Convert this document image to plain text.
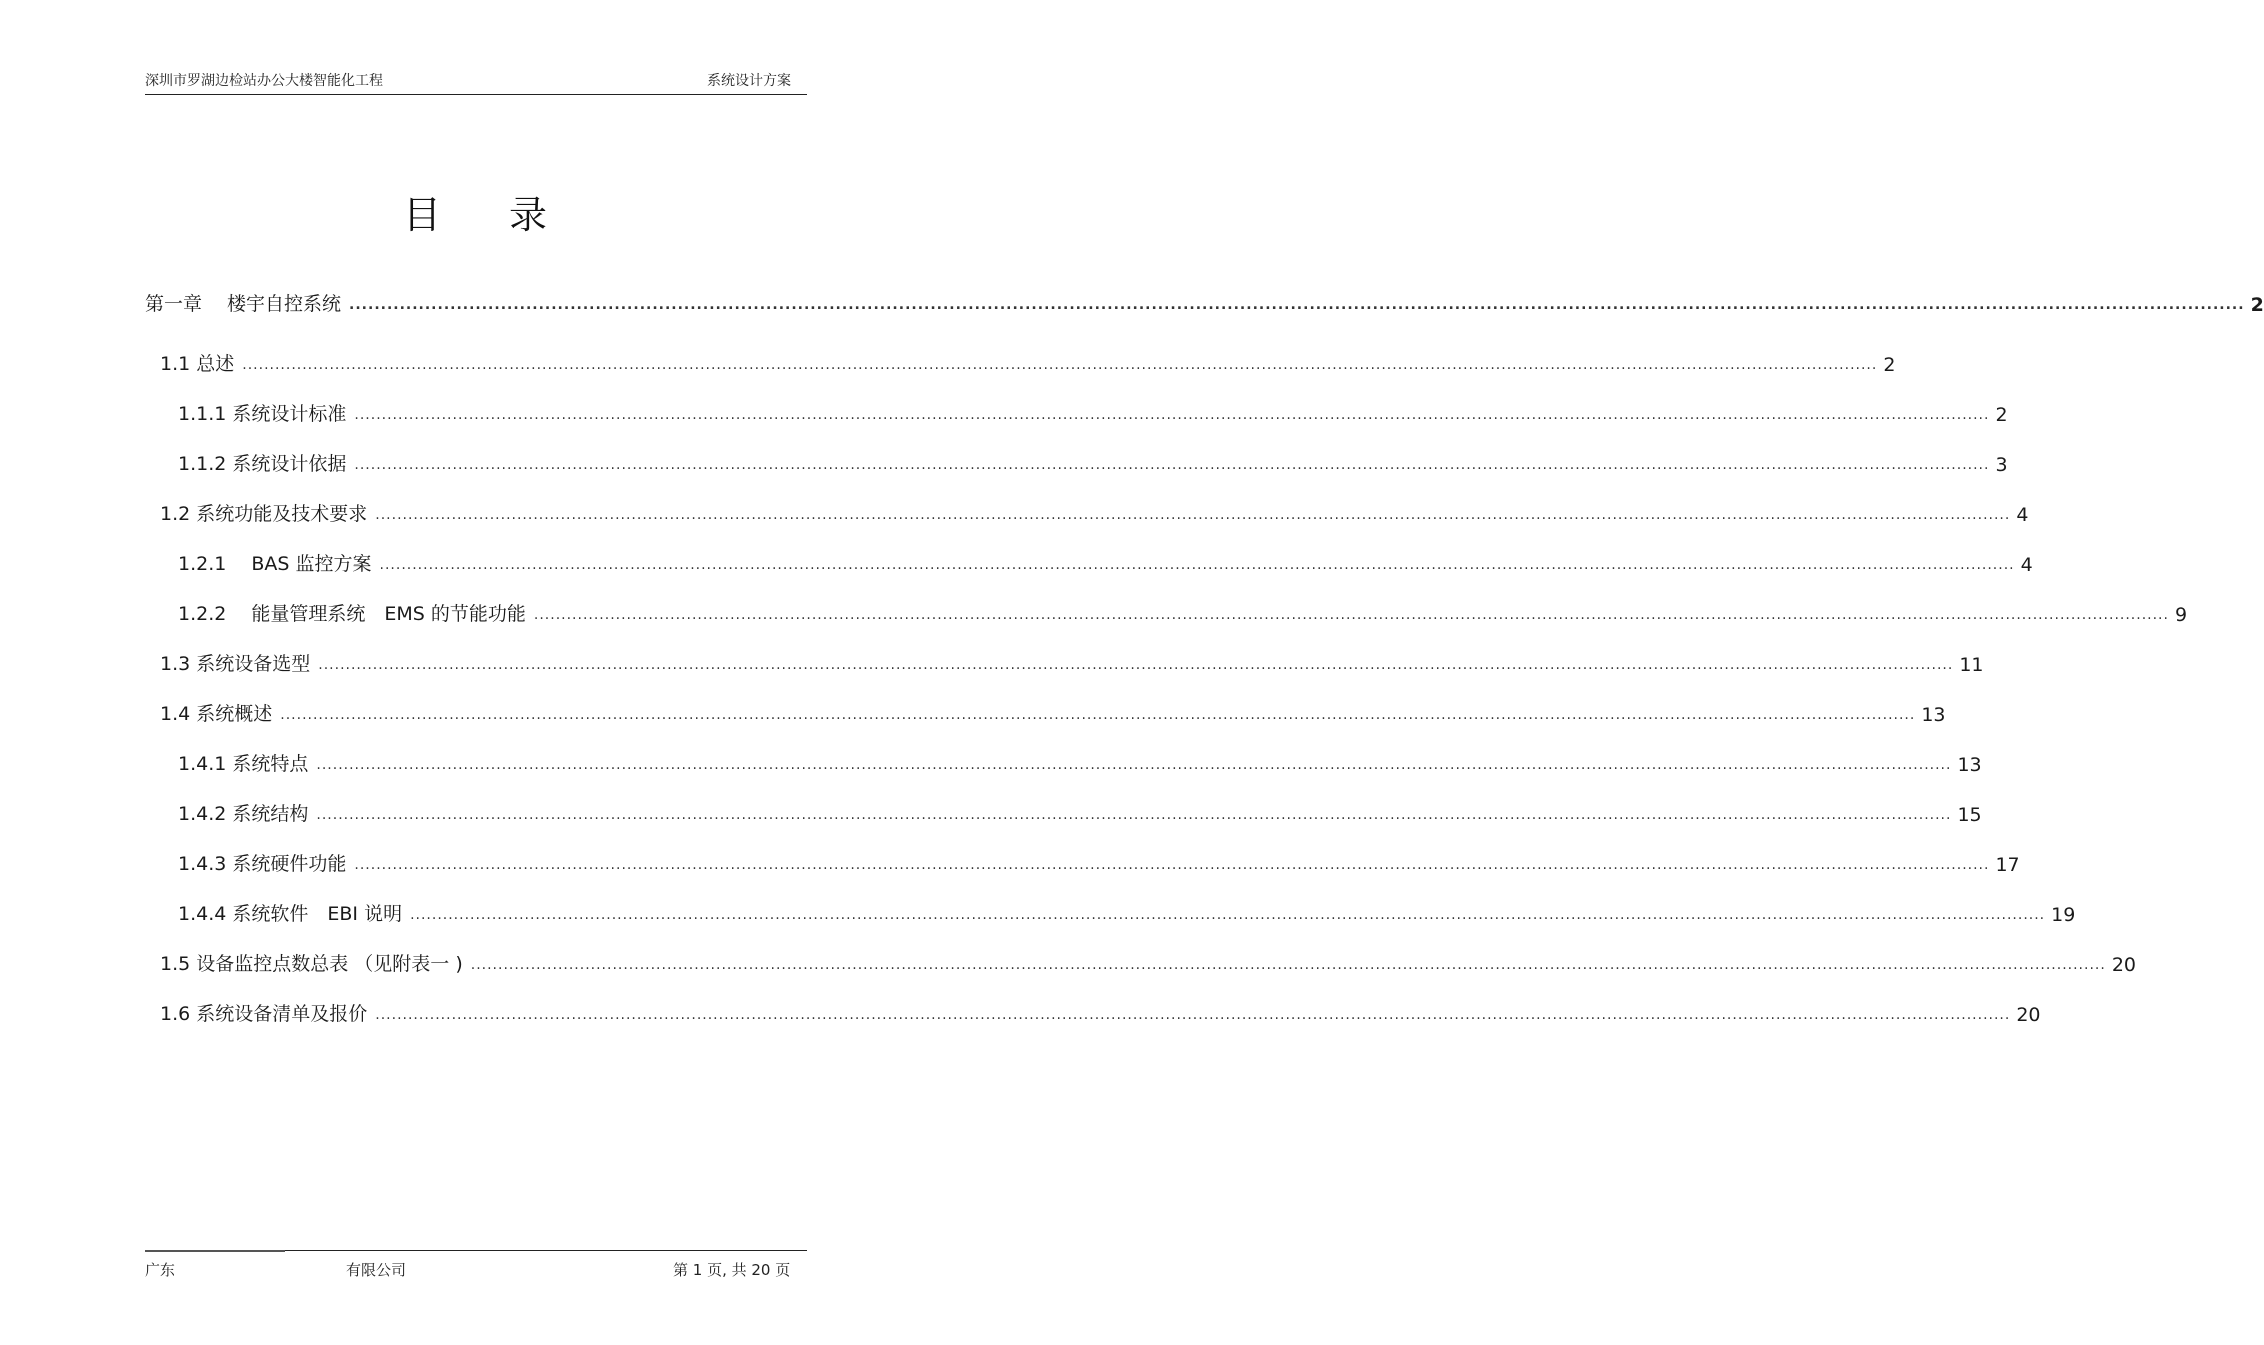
深圳市罗湖边检站办公大楼智能化工程	系统设计方案
目 录
第一章　 楼宇自控系统 ............................................................................................................................................................................................................................................................................................................ 2
1.1 总述 ............................................................................................................................................................................................................................................................................................................ 2
1.1.1 系统设计标准 ............................................................................................................................................................................................................................................................................................................ 2
1.1.2 系统设计依据 ............................................................................................................................................................................................................................................................................................................ 3
1.2 系统功能及技术要求 ............................................................................................................................................................................................................................................................................................................ 4
1.2.1　 BAS 监控方案 ............................................................................................................................................................................................................................................................................................................ 4
1.2.2　 能量管理系统　EMS 的节能功能 ............................................................................................................................................................................................................................................................................................................ 9
1.3 系统设备选型 ............................................................................................................................................................................................................................................................................................................ 11
1.4 系统概述 ............................................................................................................................................................................................................................................................................................................ 13
1.4.1 系统特点 ............................................................................................................................................................................................................................................................................................................ 13
1.4.2 系统结构 ............................................................................................................................................................................................................................................................................................................ 15
1.4.3 系统硬件功能 ............................................................................................................................................................................................................................................................................................................ 17
1.4.4 系统软件　EBI 说明 ............................................................................................................................................................................................................................................................................................................ 19
1.5 设备监控点数总表 （见附表一 ) ............................................................................................................................................................................................................................................................................................................ 20
1.6 系统设备清单及报价 ............................................................................................................................................................................................................................................................................................................ 20
广东	有限公司	第 1 页, 共 20 页
